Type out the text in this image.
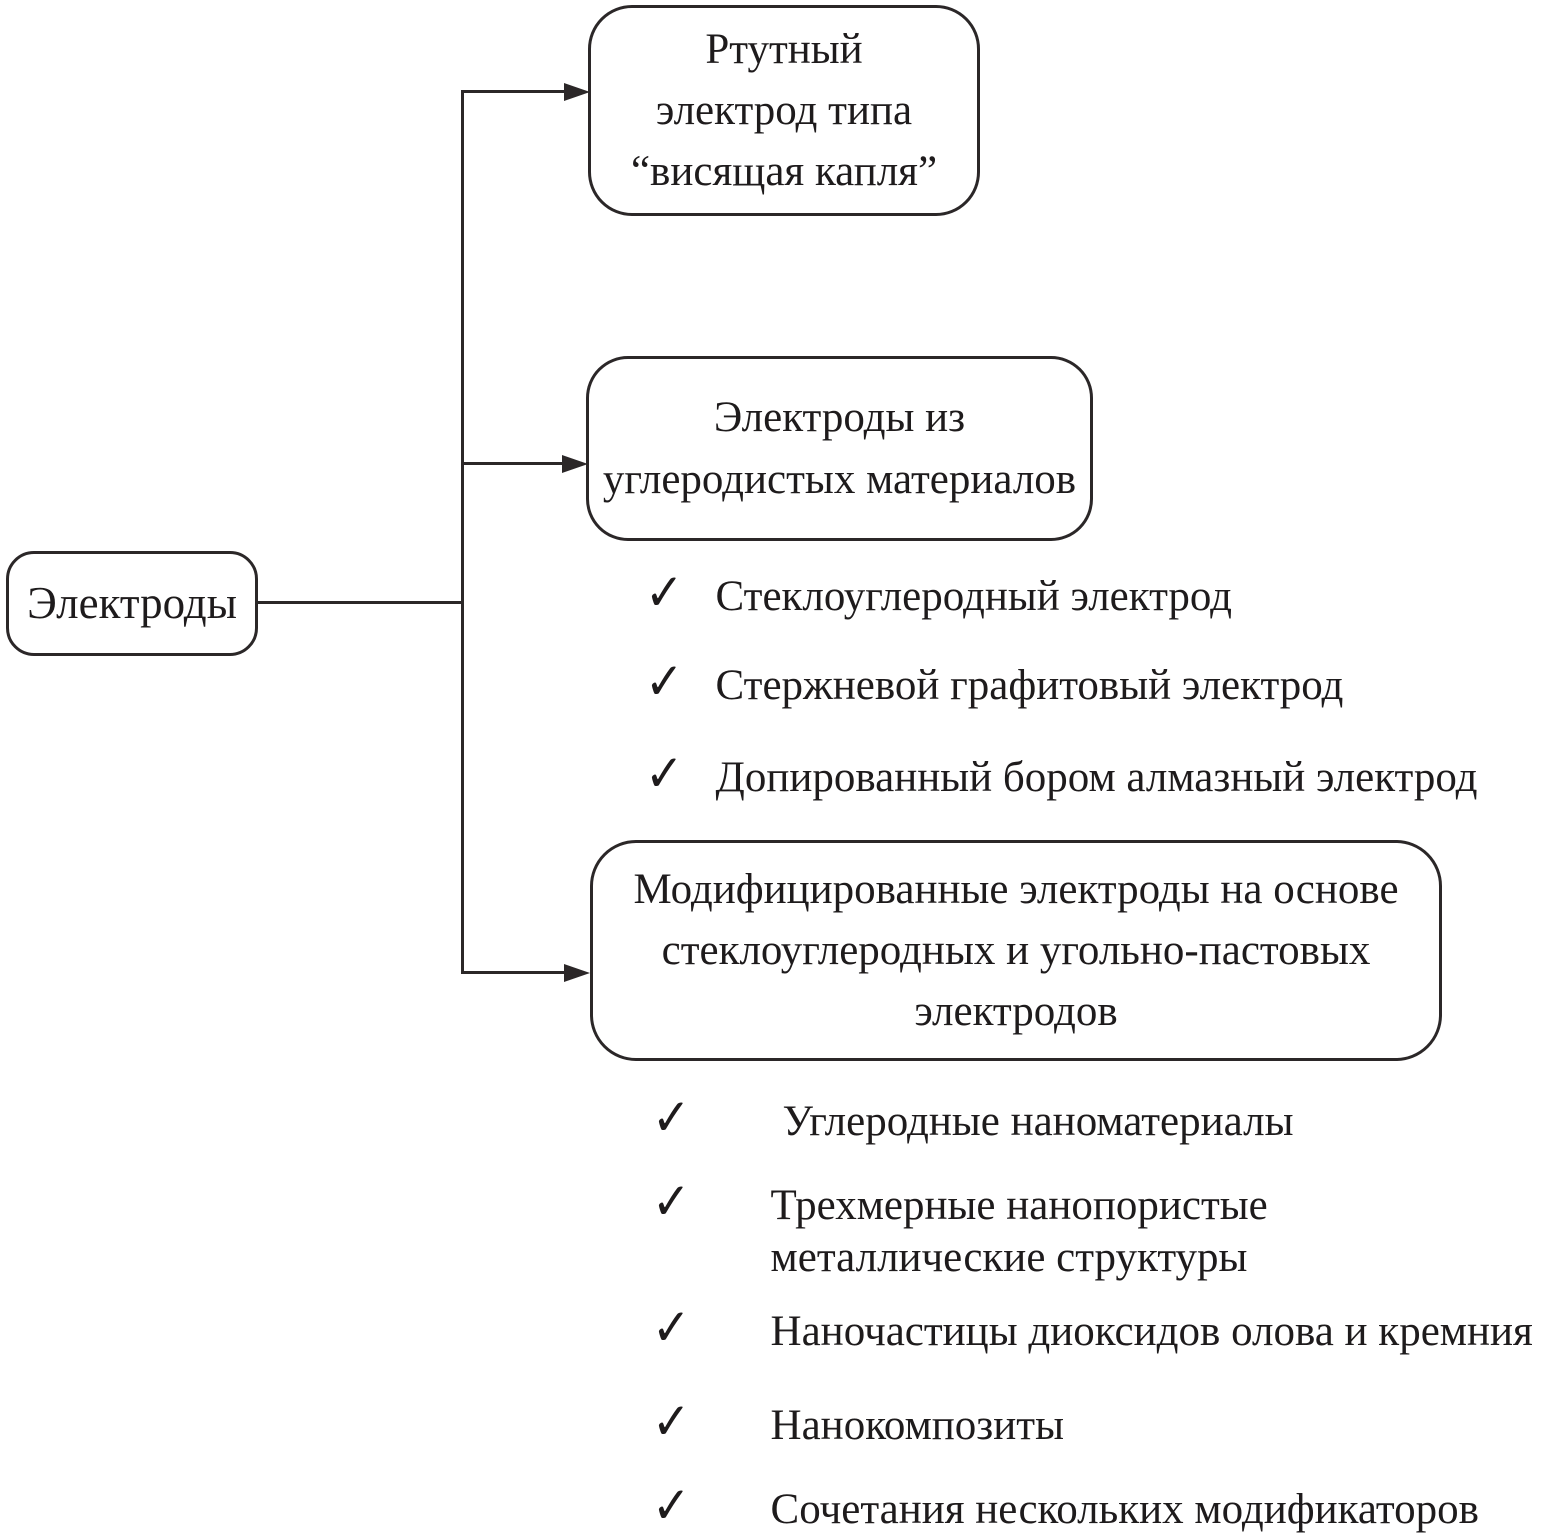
Электроды
Ртутный
электрод типа
“висящая капля”
Электроды из
углеродистых материалов
✓ Стеклоуглеродный электрод
✓ Стержневой графитовый электрод
✓ Допированный бором алмазный электрод
Модифицированные электроды на основе
стеклоуглеродных и угольно-пастовых
электродов
✓ Углеродные наноматериалы
✓ Трехмерные нанопористые металлические структуры
✓ Наночастицы диоксидов олова и кремния
✓ Нанокомпозиты
✓ Сочетания нескольких модификаторов
